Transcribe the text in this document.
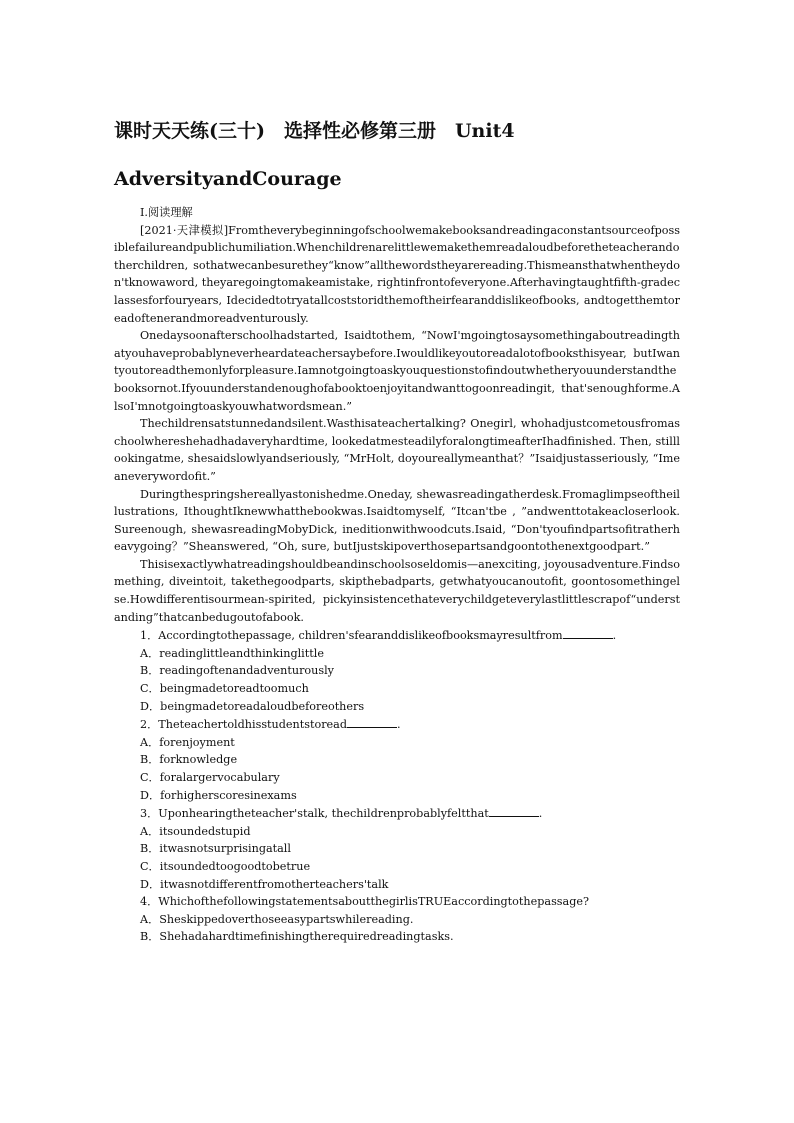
课时天天练(三十)　选择性必修第三册　Unit4
AdversityandCourage

Ⅰ.阅读理解

[2021·天津模拟]Fromtheverybeginningofschoolwemakebooksandreadingaconstantsourceofpossiblefailureandpublichumiliation.Whenchildrenarelittlewemakethemreadaloudbeforetheteacherandotherchildren, sothatwecanbesurethey“know”allthewordstheyarereading.Thismeansthatwhentheydon'tknowaword, theyaregoingtomakeamistake, rightinfrontofeveryone.Afterhavingtaughtfifth-gradeclassesforfouryears, Idecidedtotryatallcoststoridthemoftheirfearanddislikeofbooks, andtogetthemtoreadoftenerandmoreadventurously.

Onedaysoonafterschoolhadstarted, Isaidtothem, “NowI'mgoingtosaysomethingaboutreadingthatyouhaveprobablyneverheardateachersaybefore.Iwouldlikeyoutoreadalotofbooksthisyear, butIwantyoutoreadthemonlyforpleasure.Iamnotgoingtoaskyouquestionstofindoutwhetheryouunderstandthebooksornot.Ifyouunderstandenoughofabooktoenjoyitandwanttogoonreadingit, that'senoughforme.AlsoI'mnotgoingtoaskyouwhatwordsmean.”

Thechildrensatstunnedandsilent.Wasthisateachertalking? Onegirl, whohadjustcometousfromaschoolwhereshehadhadaveryhardtime, lookedatmesteadilyforalongtimeafterIhadfinished. Then, stilllookingatme, shesaidslowlyandseriously, “MrHolt, doyoureallymeanthat？”Isaidjustasseriously, “Imeaneverywordofit.”

Duringthespringshereallyastonishedme.Oneday, shewasreadingatherdesk.Fromaglimpseoftheillustrations, IthoughtIknewwhatthebookwas.Isaidtomyself, “Itcan'tbe , ”andwenttotakeacloserlook.Sureenough, shewasreadingMobyDick, ineditionwithwoodcuts.Isaid, “Don'tyoufindpartsofitratherheavygoing？”Sheanswered, “Oh, sure, butIjustskipoverthosepartsandgoontothenextgoodpart.”

Thisisexactlywhatreadingshouldbeandinschoolsoseldomis—anexciting, joyousadventure.Findsomething, diveintoit, takethegoodparts, skipthebadparts, getwhatyoucanoutofit, goontosomethingelse.Howdifferentisourmean-spirited, pickyinsistencethateverychildgeteverylastlittlescrapof“understanding”thatcanbedugoutofabook.

1．Accordingtothepassage, children'sfearanddislikeofbooksmayresultfrom	.

A．readinglittleandthinkinglittle

B．readingoftenandadventurously

C．beingmadetoreadtoomuch

D．beingmadetoreadaloudbeforeothers

2．Theteachertoldhisstudentstoread	.

A．forenjoyment

B．forknowledge

C．foralargervocabulary

D．forhigherscoresinexams

3．Uponhearingtheteacher'stalk, thechildrenprobablyfeltthat	.

A．itsoundedstupid

B．itwasnotsurprisingatall

C．itsoundedtoogoodtobetrue

D．itwasnotdifferentfromotherteachers'talk

4．WhichofthefollowingstatementsaboutthegirlisTRUEaccordingtothepassage?

A．Sheskippedoverthoseeasypartswhilereading.

B．Shehadahardtimefinishingtherequiredreadingtasks.
